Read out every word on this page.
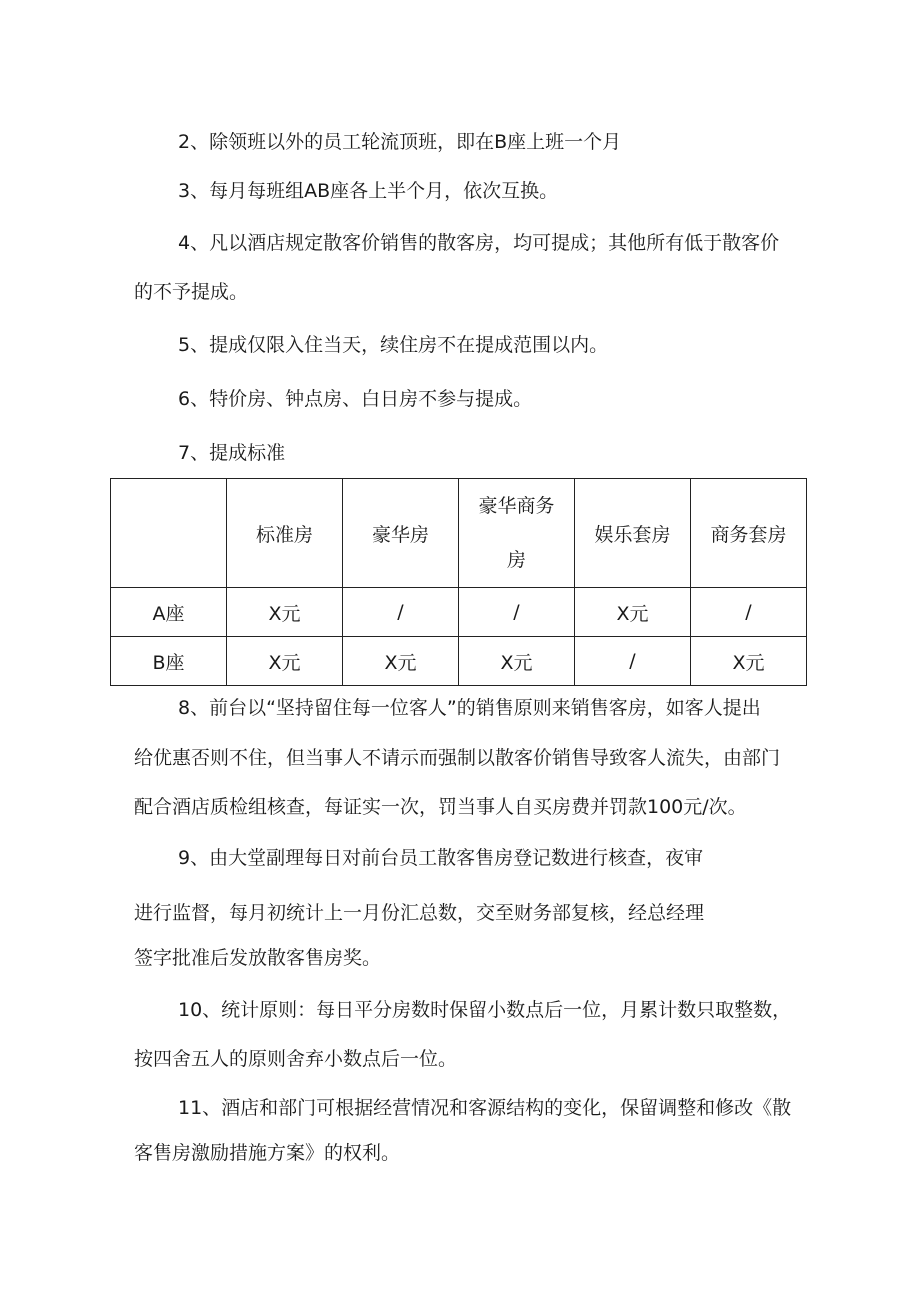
2、除领班以外的员工轮流顶班，即在B座上班一个月
3、每月每班组AB座各上半个月，依次互换。
4、凡以酒店规定散客价销售的散客房，均可提成；其他所有低于散客价
的不予提成。
5、提成仅限入住当天，续住房不在提成范围以内。
6、特价房、钟点房、白日房不参与提成。
7、提成标准
	标准房	豪华房	豪华商务房	娱乐套房	商务套房
A座	X元	/	/	X元	/
B座	X元	X元	X元	/	X元
8、前台以“坚持留住每一位客人”的销售原则来销售客房，如客人提出
给优惠否则不住，但当事人不请示而强制以散客价销售导致客人流失，由部门
配合酒店质检组核查，每证实一次，罚当事人自买房费并罚款100元/次。
9、由大堂副理每日对前台员工散客售房登记数进行核查，夜审
进行监督，每月初统计上一月份汇总数，交至财务部复核，经总经理
签字批准后发放散客售房奖。
10、统计原则：每日平分房数时保留小数点后一位，月累计数只取整数，
按四舍五人的原则舍弃小数点后一位。
11、酒店和部门可根据经营情况和客源结构的变化，保留调整和修改《散
客售房激励措施方案》的权利。
